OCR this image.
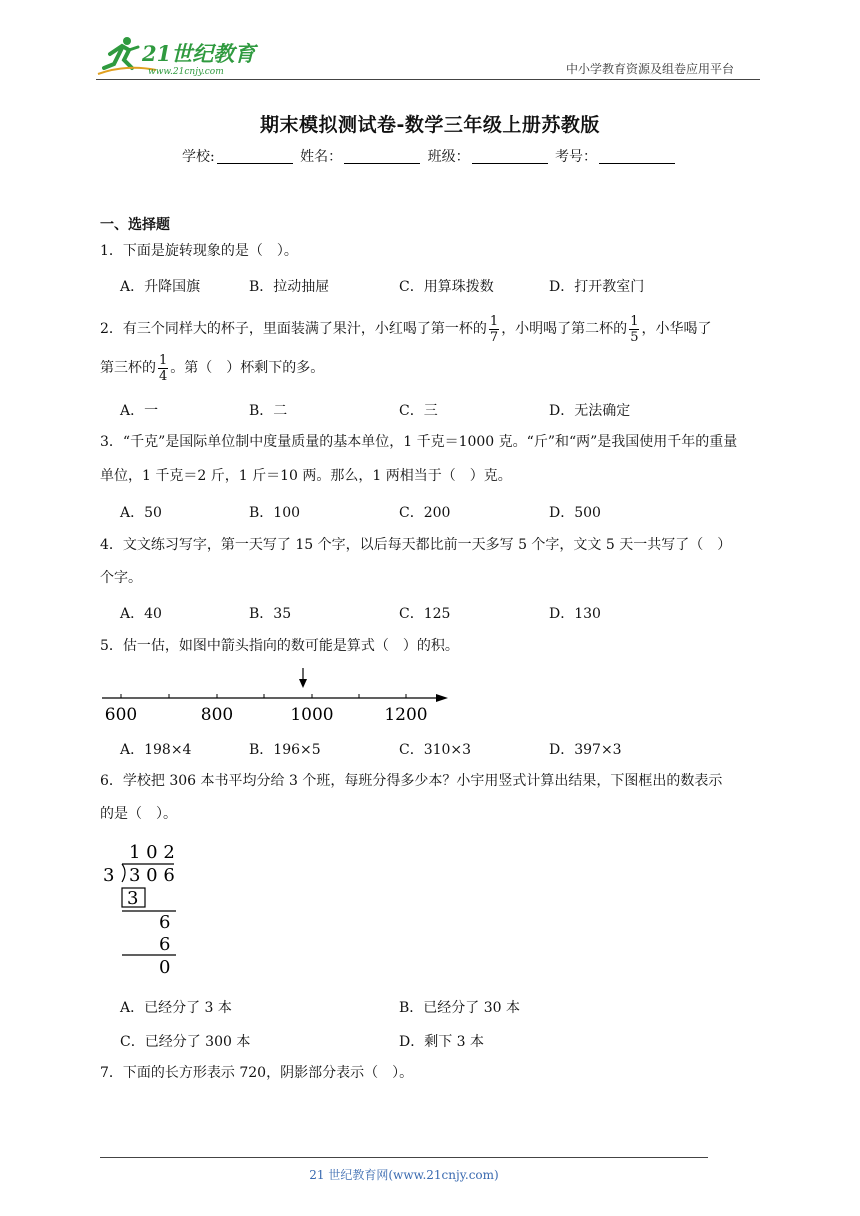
21世纪教育
www.21cnjy.com	中小学教育资源及组卷应用平台
期末模拟测试卷-数学三年级上册苏教版
学校:	姓名：	班级：	考号：
一、选择题
1．下面是旋转现象的是（　）。
A．升降国旗	B．拉动抽屉	C．用算珠拨数	D．打开教室门
2．有三个同样大的杯子，里面装满了果汁，小红喝了第一杯的 $\frac{1}{7}$ ，小明喝了第二杯的 $\frac{1}{5}$ ，小华喝了
第三杯的 $\frac{1}{4}$ 。第（　）杯剩下的多。
A．一	B．二	C．三	D．无法确定
3．“千克”是国际单位制中度量质量的基本单位，1 千克＝1000 克。“斤”和“两”是我国使用千年的重量
单位，1 千克＝2 斤，1 斤＝10 两。那么，1 两相当于（　）克。
A．50	B．100	C．200	D．500
4．文文练习写字，第一天写了 15 个字，以后每天都比前一天多写 5 个字，文文 5 天一共写了（　）
个字。
A．40	B．35	C．125	D．130
5．估一估，如图中箭头指向的数可能是算式（　）的积。
600	800	1000	1200
A．198×4	B．196×5	C．310×3	D．397×3
6．学校把 306 本书平均分给 3 个班，每班分得多少本？小宇用竖式计算出结果，下图框出的数表示
的是（　）。
1 0 2
3 3 0 6
3
6
6
0
A．已经分了 3 本	B．已经分了 30 本
C．已经分了 300 本	D．剩下 3 本
7．下面的长方形表示 720，阴影部分表示（　）。
21 世纪教育网(www.21cnjy.com)
